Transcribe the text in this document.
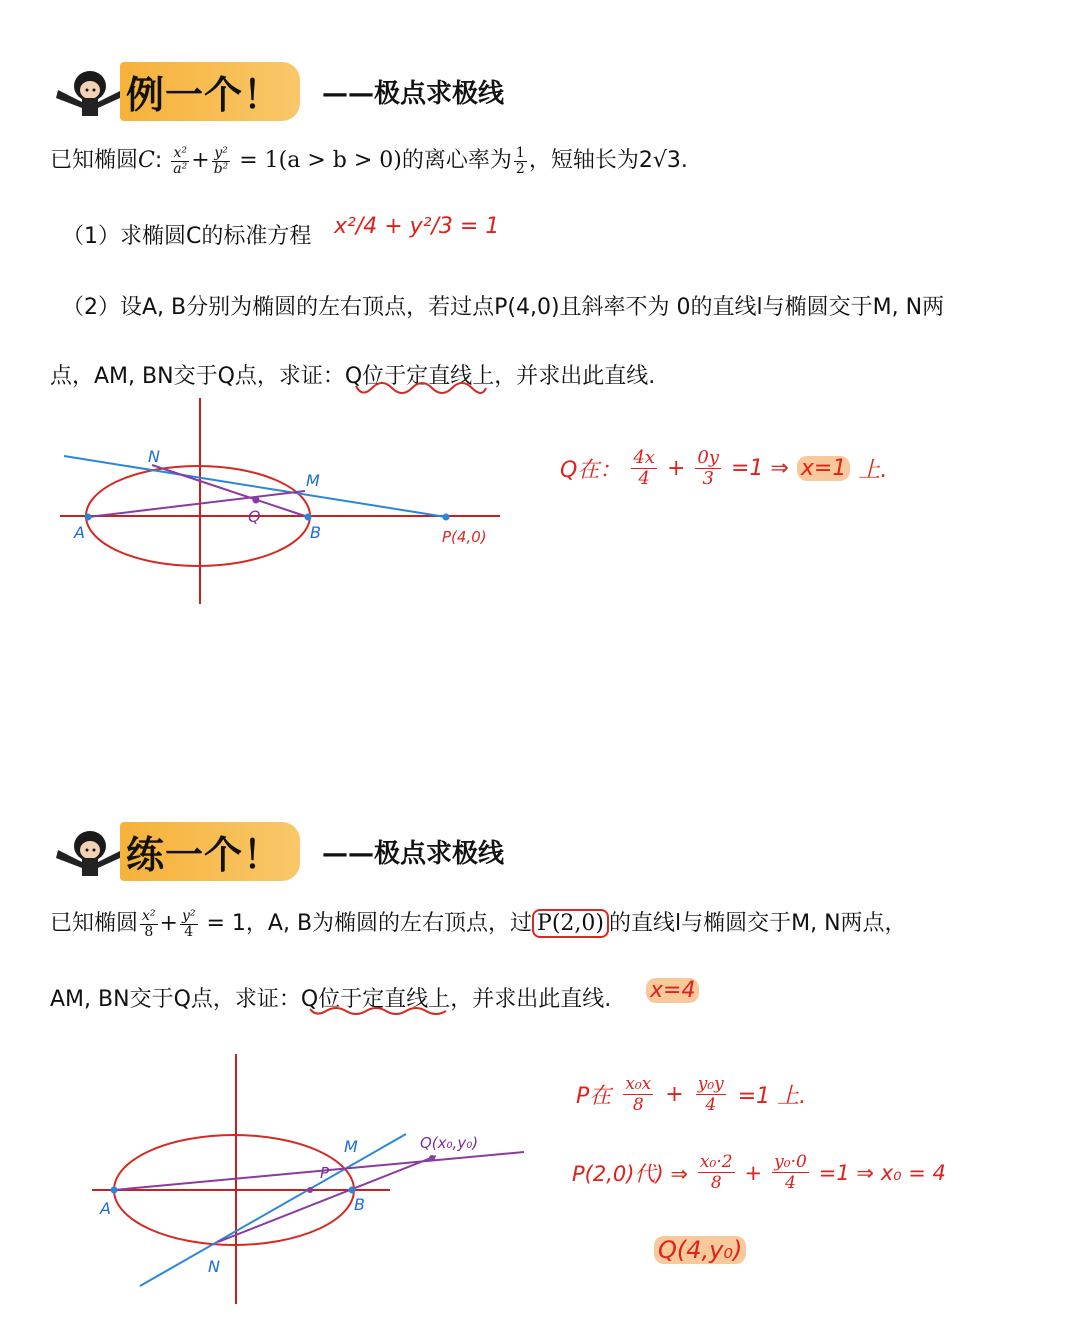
例一个！	——极点求极线
已知椭圆C: $\frac{\text{x²}}{\text{a²}} + \frac{\text{y²}}{\text{b²}} = 1(a > b > 0)$的离心率为 $\frac{1}{2}$ ，短轴长为2√3.
（1）求椭圆C的标准方程 x²/4 + y²/3 = 1
（2）设A, B分别为椭圆的左右顶点，若过点P(4,0)且斜率不为 0的直线l与椭圆交于M, N两
点，AM, BN交于Q点，求证：Q位于定直线上，并求出此直线.
N
M
A	B
Q
P(4,0)
Q在： $\frac{4x}{4} + \frac{0y}{3} =1$ ⇒ x=1 上.
练一个！	——极点求极线
已知椭圆 $\frac{\text{x²}}{8} + \frac{\text{y²}}{4} = 1$，A, B为椭圆的左右顶点，过 P(2,0) 的直线l与椭圆交于M, N两点，
AM, BN交于Q点，求证：Q位于定直线上，并求出此直线. x=4
M
P
A	B
N
Q(x₀,y₀)
P在 $\frac{\text{x₀x}}{8} + \frac{\text{y₀y}}{4} =1$ 上.
P(2,0)代) ⇒ $\frac{\text{x₀·2}}{8} + \frac{\text{y₀·0}}{4} =1$ ⇒ x₀ = 4
Q(4,y₀)
